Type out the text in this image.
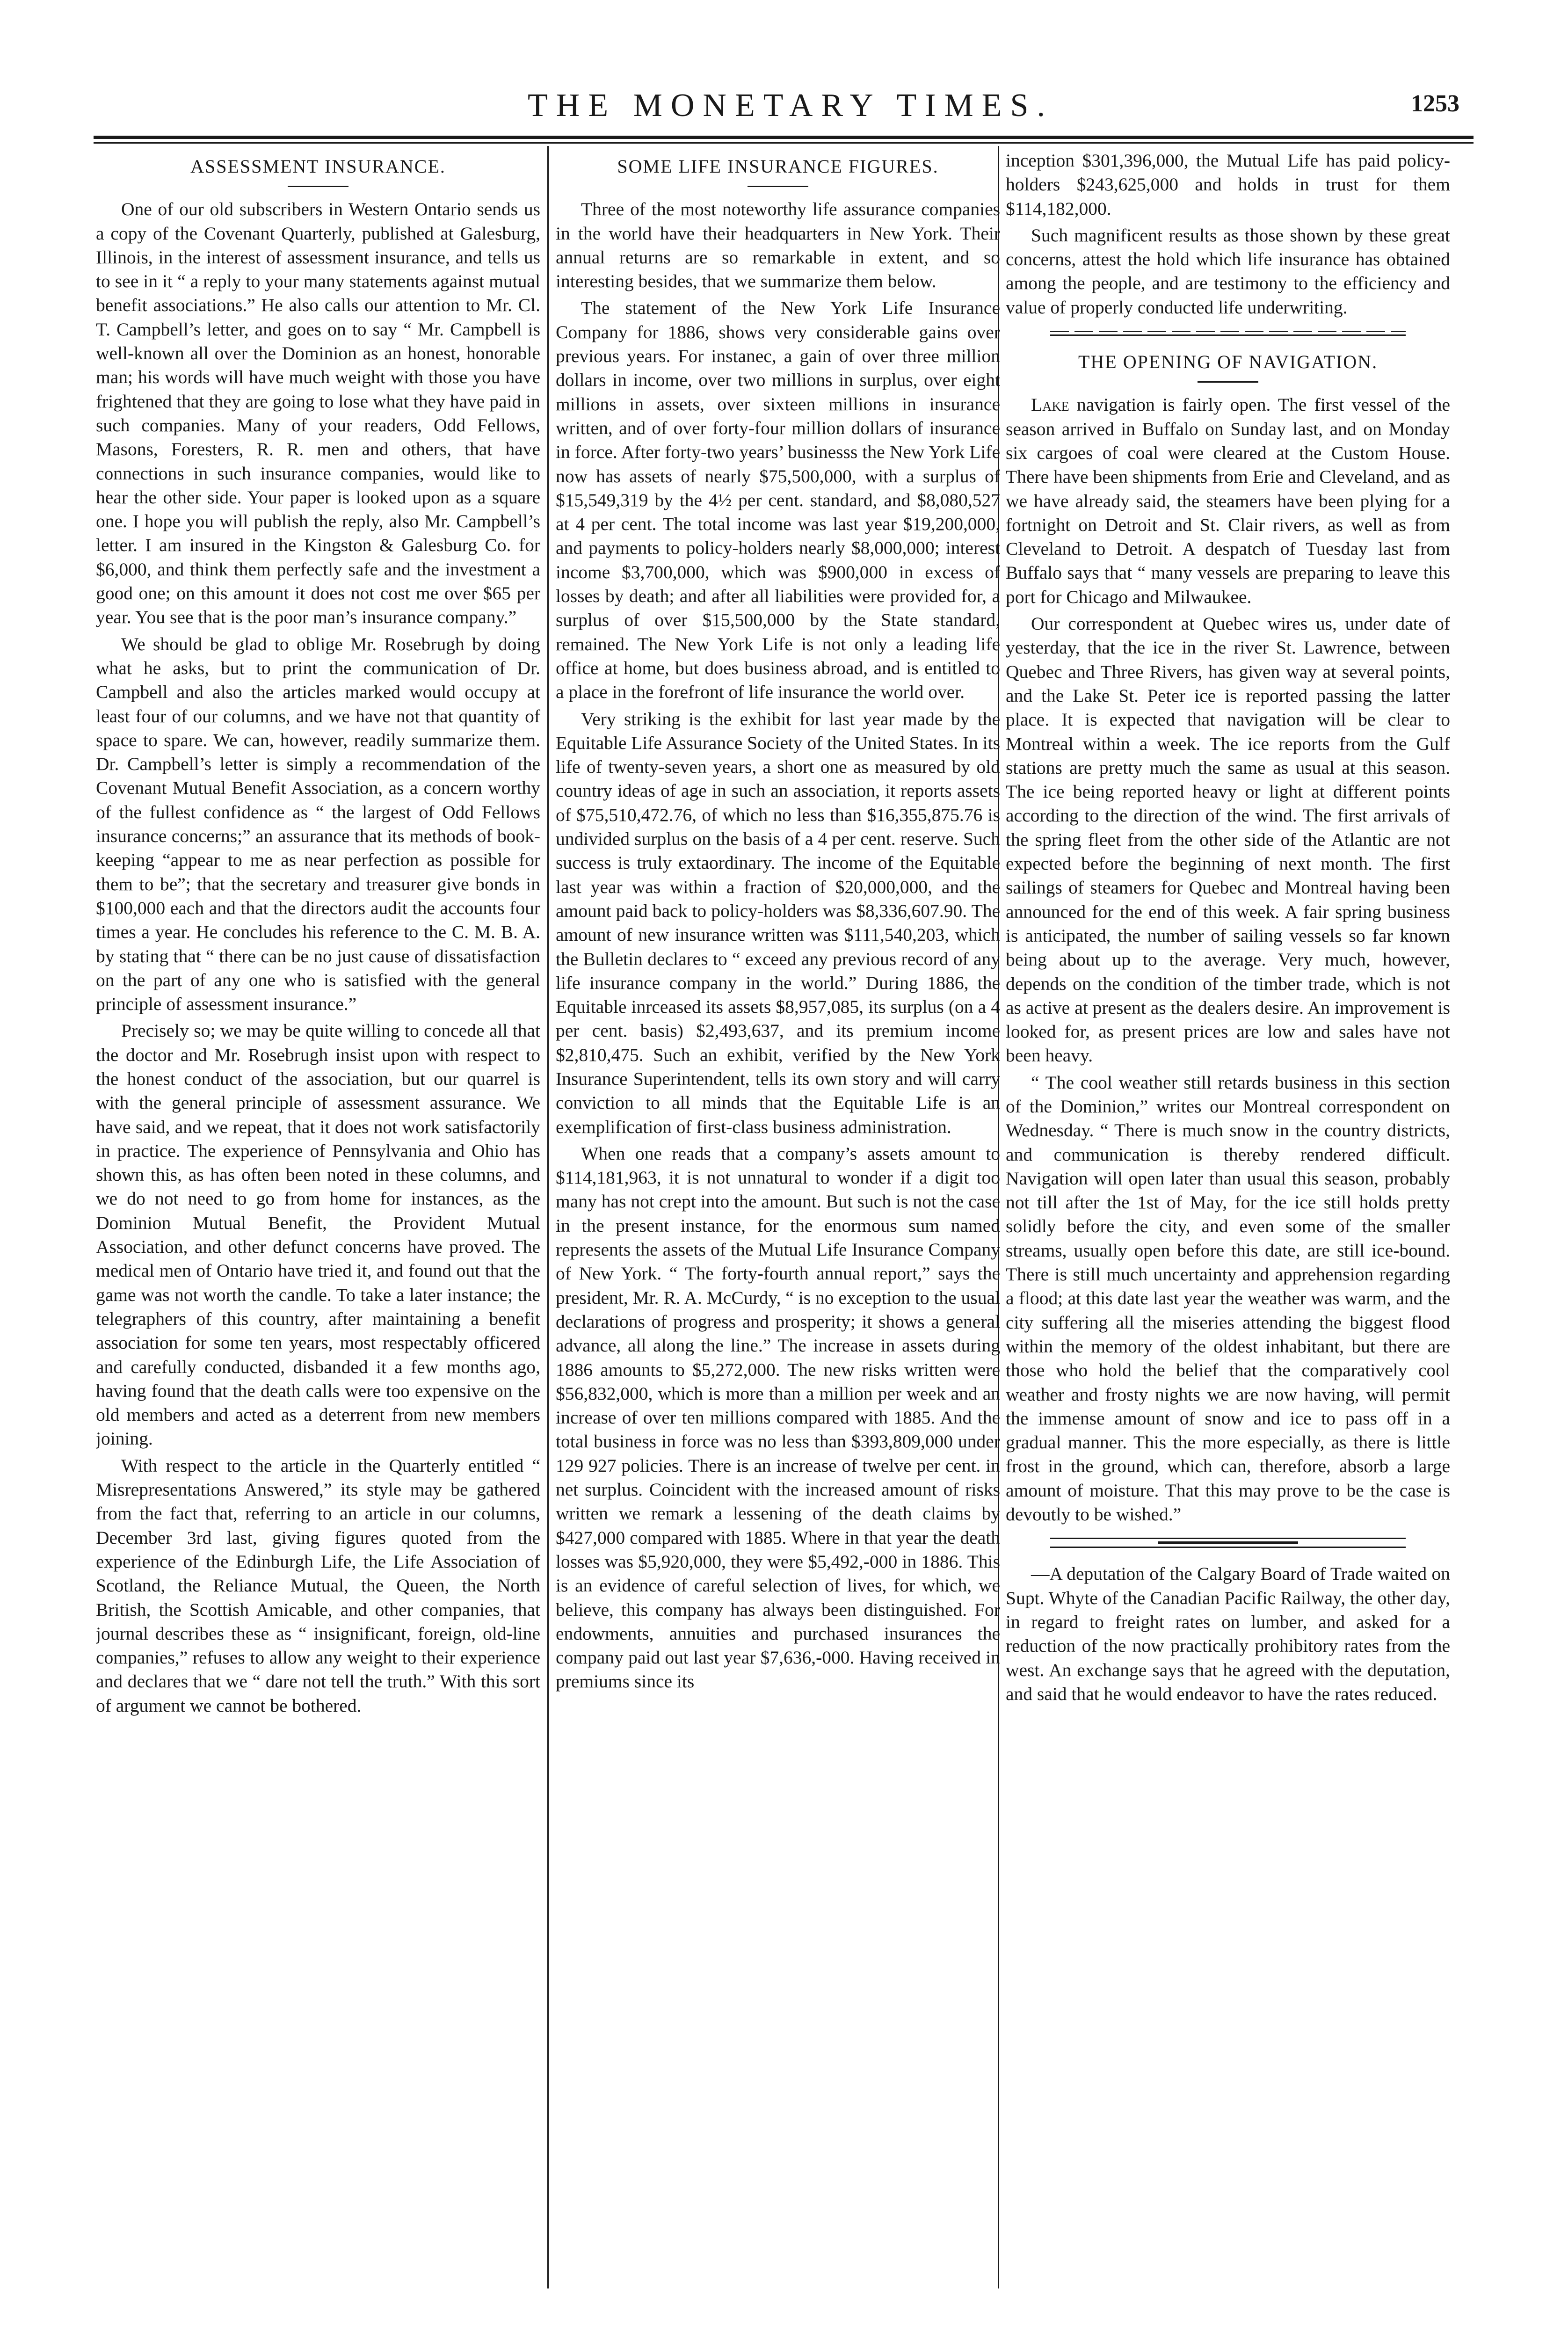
THE MONETARY TIMES.	1253
ASSESSMENT INSURANCE.

One of our old subscribers in Western Ontario sends us a copy of the Covenant Quarterly, published at Galesburg, Illinois, in the interest of assessment insurance, and tells us to see in it “ a reply to your many statements against mutual benefit associations.” He also calls our attention to Mr. Cl. T. Campbell’s letter, and goes on to say “ Mr. Campbell is well-known all over the Dominion as an honest, honorable man; his words will have much weight with those you have frightened that they are going to lose what they have paid in such companies. Many of your readers, Odd Fellows, Masons, Foresters, R. R. men and others, that have connections in such insurance companies, would like to hear the other side. Your paper is looked upon as a square one. I hope you will publish the reply, also Mr. Campbell’s letter. I am insured in the Kingston & Galesburg Co. for $6,000, and think them perfectly safe and the investment a good one; on this amount it does not cost me over $65 per year. You see that is the poor man’s insurance company.”

We should be glad to oblige Mr. Rosebrugh by doing what he asks, but to print the communication of Dr. Campbell and also the articles marked would occupy at least four of our columns, and we have not that quantity of space to spare. We can, however, readily summarize them. Dr. Campbell’s letter is simply a recommendation of the Covenant Mutual Benefit Association, as a concern worthy of the fullest confidence as “ the largest of Odd Fellows insurance concerns;” an assurance that its methods of book-keeping “appear to me as near perfection as possible for them to be”; that the secretary and treasurer give bonds in $100,000 each and that the directors audit the accounts four times a year. He concludes his reference to the C. M. B. A. by stating that “ there can be no just cause of dissatisfaction on the part of any one who is satisfied with the general principle of assessment insurance.”

Precisely so; we may be quite willing to concede all that the doctor and Mr. Rosebrugh insist upon with respect to the honest conduct of the association, but our quarrel is with the general principle of assessment assurance. We have said, and we repeat, that it does not work satisfactorily in practice. The experience of Pennsylvania and Ohio has shown this, as has often been noted in these columns, and we do not need to go from home for instances, as the Dominion Mutual Benefit, the Provident Mutual Association, and other defunct concerns have proved. The medical men of Ontario have tried it, and found out that the game was not worth the candle. To take a later instance; the telegraphers of this country, after maintaining a benefit association for some ten years, most respectably officered and carefully conducted, disbanded it a few months ago, having found that the death calls were too expensive on the old members and acted as a deterrent from new members joining.

With respect to the article in the Quarterly entitled “ Misrepresentations Answered,” its style may be gathered from the fact that, referring to an article in our columns, December 3rd last, giving figures quoted from the experience of the Edinburgh Life, the Life Association of Scotland, the Reliance Mutual, the Queen, the North British, the Scottish Amicable, and other companies, that journal describes these as “ insignificant, foreign, old-line companies,” refuses to allow any weight to their experience and declares that we “ dare not tell the truth.” With this sort of argument we cannot be bothered.

SOME LIFE INSURANCE FIGURES.

Three of the most noteworthy life assurance companies in the world have their headquarters in New York. Their annual returns are so remarkable in extent, and so interesting besides, that we summarize them below.

The statement of the New York Life Insurance Company for 1886, shows very considerable gains over previous years. For instanec, a gain of over three million dollars in income, over two millions in surplus, over eight millions in assets, over sixteen millions in insurance written, and of over forty-four million dollars of insurance in force. After forty-two years’ businesss the New York Life now has assets of nearly $75,500,000, with a surplus of $15,549,319 by the 4½ per cent. standard, and $8,080,527 at 4 per cent. The total income was last year $19,200,000, and payments to policy-holders nearly $8,000,000; interest income $3,700,000, which was $900,000 in excess of losses by death; and after all liabilities were provided for, a surplus of over $15,500,000 by the State standard, remained. The New York Life is not only a leading life office at home, but does business abroad, and is entitled to a place in the forefront of life insurance the world over.

Very striking is the exhibit for last year made by the Equitable Life Assurance Society of the United States. In its life of twenty-seven years, a short one as measured by old country ideas of age in such an association, it reports assets of $75,510,472.76, of which no less than $16,355,875.76 is undivided surplus on the basis of a 4 per cent. reserve. Such success is truly extaordinary. The income of the Equitable last year was within a fraction of $20,000,000, and the amount paid back to policy-holders was $8,336,607.90. The amount of new insurance written was $111,540,203, which the Bulletin declares to “ exceed any previous record of any life insurance company in the world.” During 1886, the Equitable inrceased its assets $8,957,085, its surplus (on a 4 per cent. basis) $2,493,637, and its premium income $2,810,475. Such an exhibit, verified by the New York Insurance Superintendent, tells its own story and will carry conviction to all minds that the Equitable Life is an exemplification of first-class business administration.

When one reads that a company’s assets amount to $114,181,963, it is not unnatural to wonder if a digit too many has not crept into the amount. But such is not the case in the present instance, for the enormous sum named represents the assets of the Mutual Life Insurance Company of New York. “ The forty-fourth annual report,” says the president, Mr. R. A. McCurdy, “ is no exception to the usual declarations of progress and prosperity; it shows a general advance, all along the line.” The increase in assets during 1886 amounts to $5,272,000. The new risks written were $56,832,000, which is more than a million per week and an increase of over ten millions compared with 1885. And the total business in force was no less than $393,809,000 under 129 927 policies. There is an increase of twelve per cent. in net surplus. Coincident with the increased amount of risks written we remark a lessening of the death claims by $427,000 compared with 1885. Where in that year the death losses was $5,920,000, they were $5,492,-000 in 1886. This is an evidence of careful selection of lives, for which, we believe, this company has always been distinguished. For endowments, annuities and purchased insurances the company paid out last year $7,636,-000. Having received in premiums since its

inception $301,396,000, the Mutual Life has paid policy-holders $243,625,000 and holds in trust for them $114,182,000.

Such magnificent results as those shown by these great concerns, attest the hold which life insurance has obtained among the people, and are testimony to the efficiency and value of properly conducted life underwriting.

THE OPENING OF NAVIGATION.

Lake navigation is fairly open. The first vessel of the season arrived in Buffalo on Sunday last, and on Monday six cargoes of coal were cleared at the Custom House. There have been shipments from Erie and Cleveland, and as we have already said, the steamers have been plying for a fortnight on Detroit and St. Clair rivers, as well as from Cleveland to Detroit. A despatch of Tuesday last from Buffalo says that “ many vessels are preparing to leave this port for Chicago and Milwaukee.

Our correspondent at Quebec wires us, under date of yesterday, that the ice in the river St. Lawrence, between Quebec and Three Rivers, has given way at several points, and the Lake St. Peter ice is reported passing the latter place. It is expected that navigation will be clear to Montreal within a week. The ice reports from the Gulf stations are pretty much the same as usual at this season. The ice being reported heavy or light at different points according to the direction of the wind. The first arrivals of the spring fleet from the other side of the Atlantic are not expected before the beginning of next month. The first sailings of steamers for Quebec and Montreal having been announced for the end of this week. A fair spring business is anticipated, the number of sailing vessels so far known being about up to the average. Very much, however, depends on the condition of the timber trade, which is not as active at present as the dealers desire. An improvement is looked for, as present prices are low and sales have not been heavy.

“ The cool weather still retards business in this section of the Dominion,” writes our Montreal correspondent on Wednesday. “ There is much snow in the country districts, and communication is thereby rendered difficult. Navigation will open later than usual this season, probably not till after the 1st of May, for the ice still holds pretty solidly before the city, and even some of the smaller streams, usually open before this date, are still ice-bound. There is still much uncertainty and apprehension regarding a flood; at this date last year the weather was warm, and the city suffering all the miseries attending the biggest flood within the memory of the oldest inhabitant, but there are those who hold the belief that the comparatively cool weather and frosty nights we are now having, will permit the immense amount of snow and ice to pass off in a gradual manner. This the more especially, as there is little frost in the ground, which can, therefore, absorb a large amount of moisture. That this may prove to be the case is devoutly to be wished.”

—A deputation of the Calgary Board of Trade waited on Supt. Whyte of the Canadian Pacific Railway, the other day, in regard to freight rates on lumber, and asked for a reduction of the now practically prohibitory rates from the west. An exchange says that he agreed with the deputation, and said that he would endeavor to have the rates reduced.
